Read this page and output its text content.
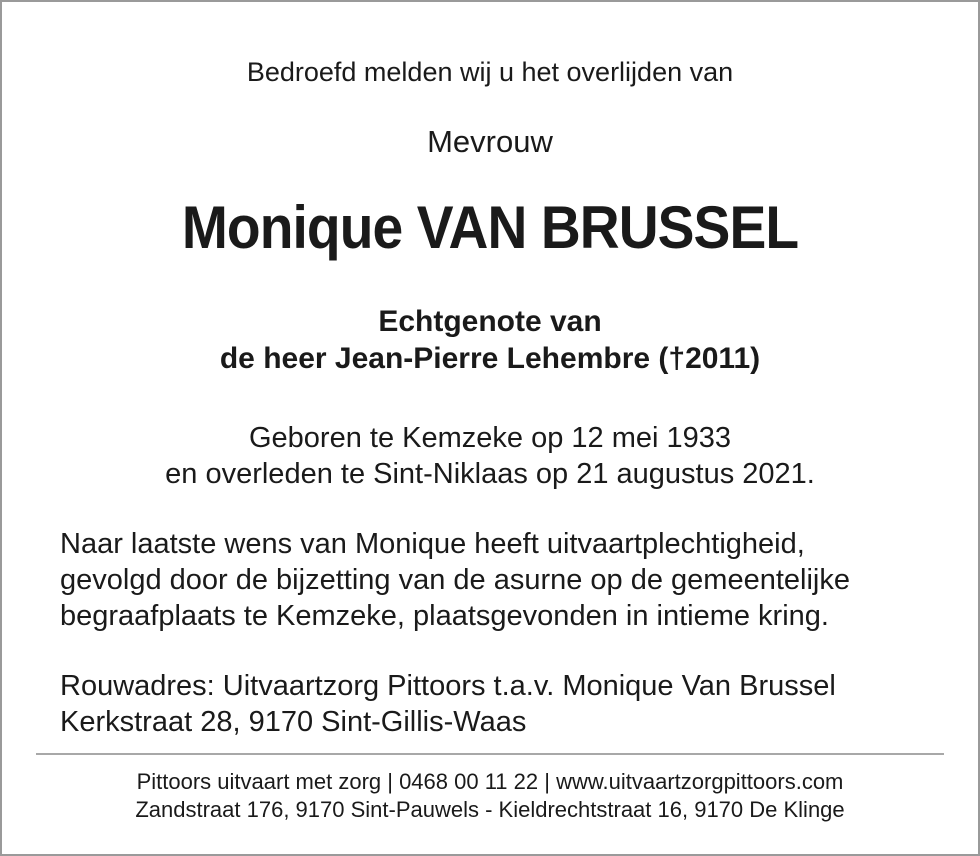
Bedroefd melden wij u het overlijden van
Mevrouw
Monique VAN BRUSSEL
Echtgenote van
de heer Jean-Pierre Lehembre (†2011)
Geboren te Kemzeke op 12 mei 1933
en overleden te Sint-Niklaas op 21 augustus 2021.
Naar laatste wens van Monique heeft uitvaartplechtigheid,
gevolgd door de bijzetting van de asurne op de gemeentelijke
begraafplaats te Kemzeke, plaatsgevonden in intieme kring.
Rouwadres: Uitvaartzorg Pittoors t.a.v. Monique Van Brussel
Kerkstraat 28, 9170 Sint-Gillis-Waas
Pittoors uitvaart met zorg | 0468 00 11 22 | www.uitvaartzorgpittoors.com
Zandstraat 176, 9170 Sint-Pauwels - Kieldrechtstraat 16, 9170 De Klinge
